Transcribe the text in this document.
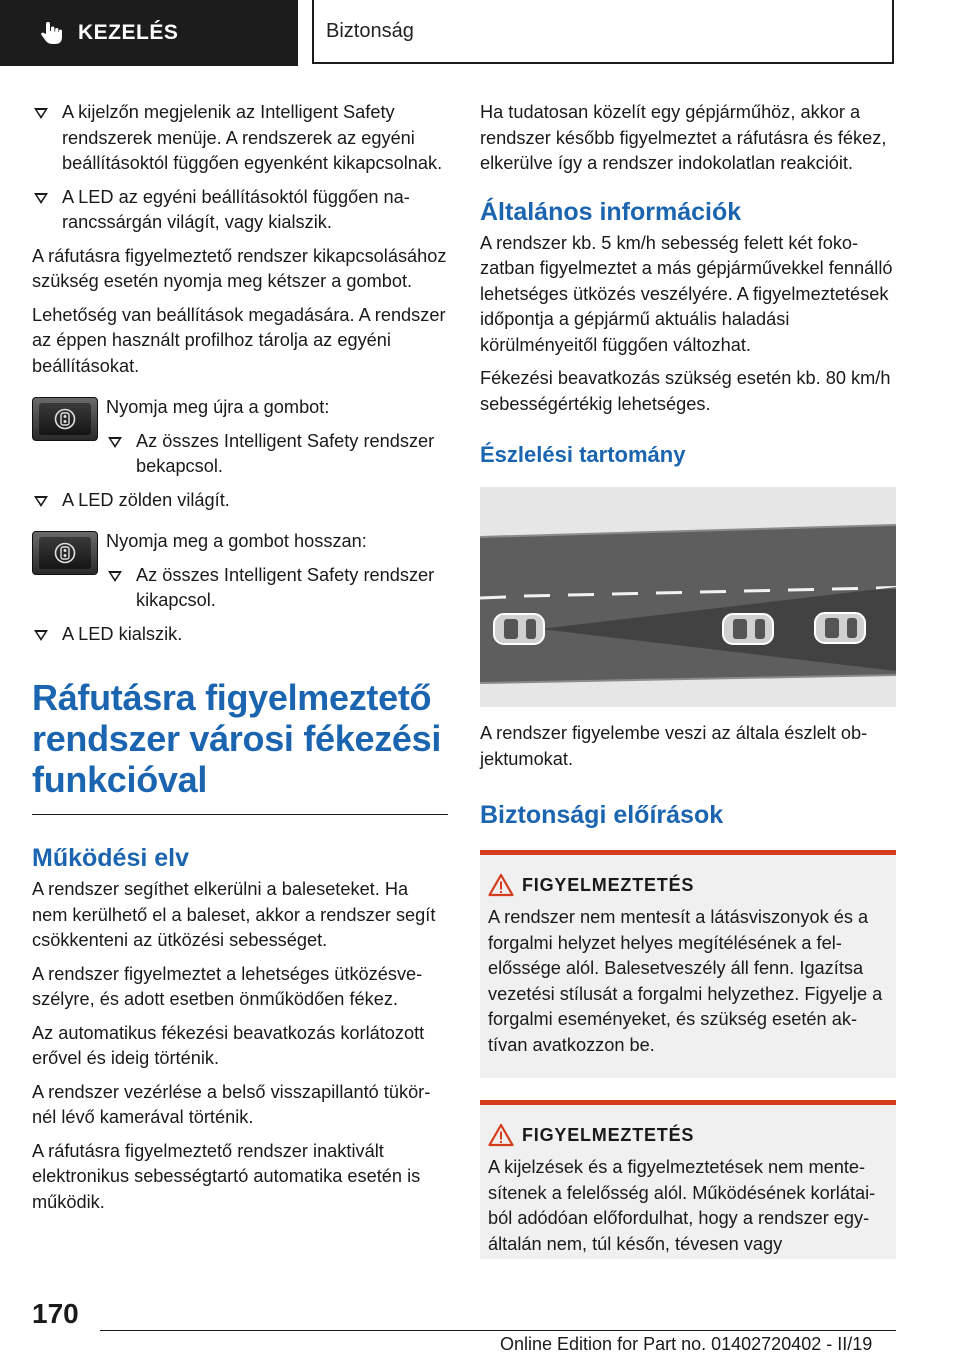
KEZELÉS	Biztonság
A kijelzőn megjelenik az Intelligent Safety rendszerek menüje. A rendszerek az egyéni beállításoktól függően egyenként kikapcsolnak.
A LED az egyéni beállításoktól függően narancssárgán világít, vagy kialszik.

A ráfutásra figyelmeztető rendszer kikapcsolásához szükség esetén nyomja meg kétszer a gombot.

Lehetőség van beállítások megadására. A rendszer az éppen használt profilhoz tárolja az egyéni beállításokat.

Nyomja meg újra a gombot:

Az összes Intelligent Safety rendszer bekapcsol.
A LED zölden világít.

Nyomja meg a gombot hosszan:

Az összes Intelligent Safety rendszer kikapcsol.
A LED kialszik.
Ráfutásra figyelmeztető rendszer városi fékezési funkcióval
Működési elv

A rendszer segíthet elkerülni a baleseteket. Ha nem kerülhető el a baleset, akkor a rendszer segít csökkenteni az ütközési sebességet.

A rendszer figyelmeztet a lehetséges ütközésveszélyre, és adott esetben önműködően fékez.

Az automatikus fékezési beavatkozás korlátozott erővel és ideig történik.

A rendszer vezérlése a belső visszapillantó tükörnél lévő kamerával történik.

A ráfutásra figyelmeztető rendszer inaktivált elektronikus sebességtartó automatika esetén is működik.

Ha tudatosan közelít egy gépjárműhöz, akkor a rendszer később figyelmeztet a ráfutásra és fékez, elkerülve így a rendszer indokolatlan reakcióit.

Általános információk

A rendszer kb. 5 km/h sebesség felett két fokozatban figyelmeztet a más gépjárművekkel fennálló lehetséges ütközés veszélyére. A figyelmeztetések időpontja a gépjármű aktuális haladási körülményeitől függően változhat.

Fékezési beavatkozás szükség esetén kb. 80 km/h sebességértékig lehetséges.

Észlelési tartomány

A rendszer figyelembe veszi az általa észlelt objektumokat.

Biztonsági előírások
FIGYELMEZTETÉS

A rendszer nem mentesít a látásviszonyok és a forgalmi helyzet helyes megítélésének a felelőssége alól. Balesetveszély áll fenn. Igazítsa vezetési stílusát a forgalmi helyzethez. Figyelje a forgalmi eseményeket, és szükség esetén aktívan avatkozzon be.

FIGYELMEZTETÉS

A kijelzések és a figyelmeztetések nem mentesítenek a felelősség alól. Működésének korlátaiból adódóan előfordulhat, hogy a rendszer egyáltalán nem, túl későn, tévesen vagy

170
Online Edition for Part no. 01402720402 - II/19
